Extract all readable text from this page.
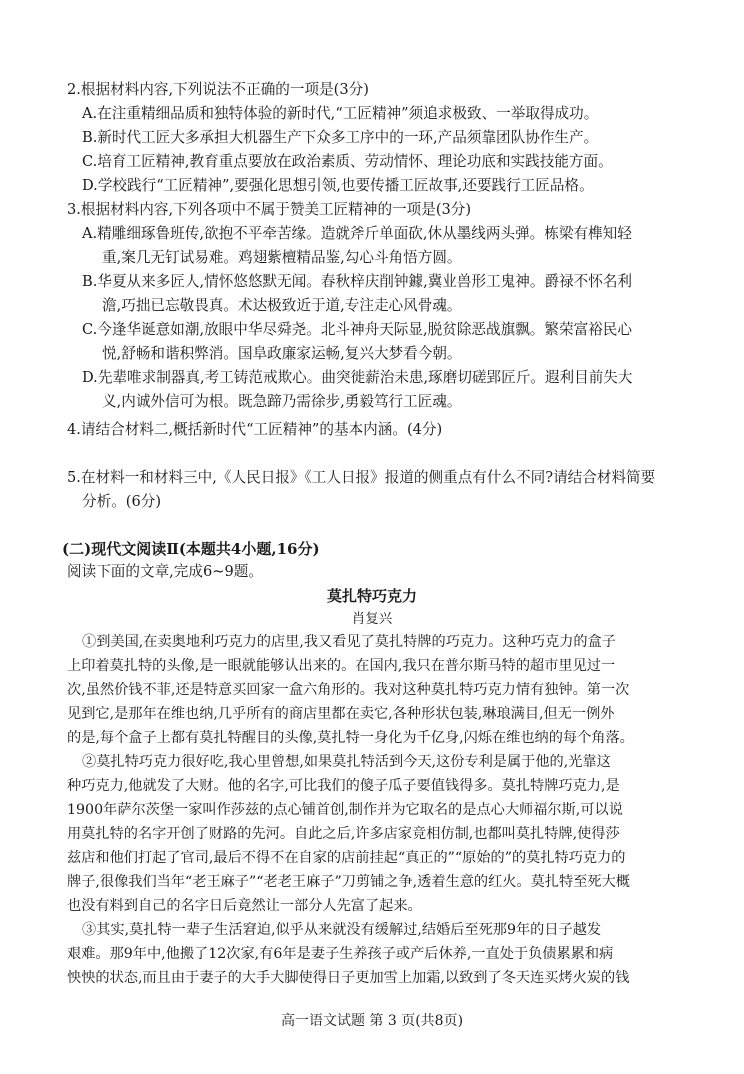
2.根据材料内容,下列说法不正确的一项是(3分)
A.在注重精细品质和独特体验的新时代,“工匠精神”须追求极致、一举取得成功。
B.新时代工匠大多承担大机器生产下众多工序中的一环,产品须靠团队协作生产。
C.培育工匠精神,教育重点要放在政治素质、劳动情怀、理论功底和实践技能方面。
D.学校践行“工匠精神”,要强化思想引领,也要传播工匠故事,还要践行工匠品格。
3.根据材料内容,下列各项中不属于赞美工匠精神的一项是(3分)
A.精雕细琢鲁班传,欲抱不平牵苦缘。造就斧斤单面砍,休从墨线两头弹。栋梁有榫知轻
重,案几无钉试易难。鸡翅紫檀精品鉴,勾心斗角悟方圆。
B.华夏从来多匠人,情怀悠悠默无闻。春秋梓庆削钟鐻,冀业兽形工鬼神。爵禄不怀名利
澹,巧拙已忘敬畏真。术达极致近于道,专注走心风骨魂。
C.今逢华诞意如潮,放眼中华尽舜尧。北斗神舟天际显,脱贫除恶战旗飘。繁荣富裕民心
悦,舒畅和谐积弊消。国阜政廉家运畅,复兴大梦看今朝。
D.先辈唯求制器真,考工铸范戒欺心。曲突徙薪治未患,琢磨切磋郢匠斤。遐利目前失大
义,内诚外信可为根。既急蹄乃需徐步,勇毅笃行工匠魂。
4.请结合材料二,概括新时代“工匠精神”的基本内涵。(4分)
5.在材料一和材料三中,《人民日报》《工人日报》报道的侧重点有什么不同?请结合材料简要
分析。(6分)
(二)现代文阅读Ⅱ(本题共4小题,16分)
阅读下面的文章,完成6~9题。
莫扎特巧克力
肖复兴
①到美国,在卖奥地利巧克力的店里,我又看见了莫扎特牌的巧克力。这种巧克力的盒子
上印着莫扎特的头像,是一眼就能够认出来的。在国内,我只在普尔斯马特的超市里见过一
次,虽然价钱不菲,还是特意买回家一盒六角形的。我对这种莫扎特巧克力情有独钟。第一次
见到它,是那年在维也纳,几乎所有的商店里都在卖它,各种形状包装,琳琅满目,但无一例外
的是,每个盒子上都有莫扎特醒目的头像,莫扎特一身化为千亿身,闪烁在维也纳的每个角落。
②莫扎特巧克力很好吃,我心里曾想,如果莫扎特活到今天,这份专利是属于他的,光靠这
种巧克力,他就发了大财。他的名字,可比我们的傻子瓜子要值钱得多。莫扎特牌巧克力,是
1900年萨尔茨堡一家叫作莎兹的点心铺首创,制作并为它取名的是点心大师福尔斯,可以说
用莫扎特的名字开创了财路的先河。自此之后,许多店家竞相仿制,也都叫莫扎特牌,使得莎
兹店和他们打起了官司,最后不得不在自家的店前挂起“真正的”“原始的”的莫扎特巧克力的
牌子,很像我们当年“老王麻子”“老老王麻子”刀剪铺之争,透着生意的红火。莫扎特至死大概
也没有料到自己的名字日后竟然让一部分人先富了起来。
③其实,莫扎特一辈子生活窘迫,似乎从来就没有缓解过,结婚后至死那9年的日子越发
艰难。那9年中,他搬了12次家,有6年是妻子生养孩子或产后休养,一直处于负债累累和病
怏怏的状态,而且由于妻子的大手大脚使得日子更加雪上加霜,以致到了冬天连买烤火炭的钱
高一语文试题 第 3 页(共8页)
